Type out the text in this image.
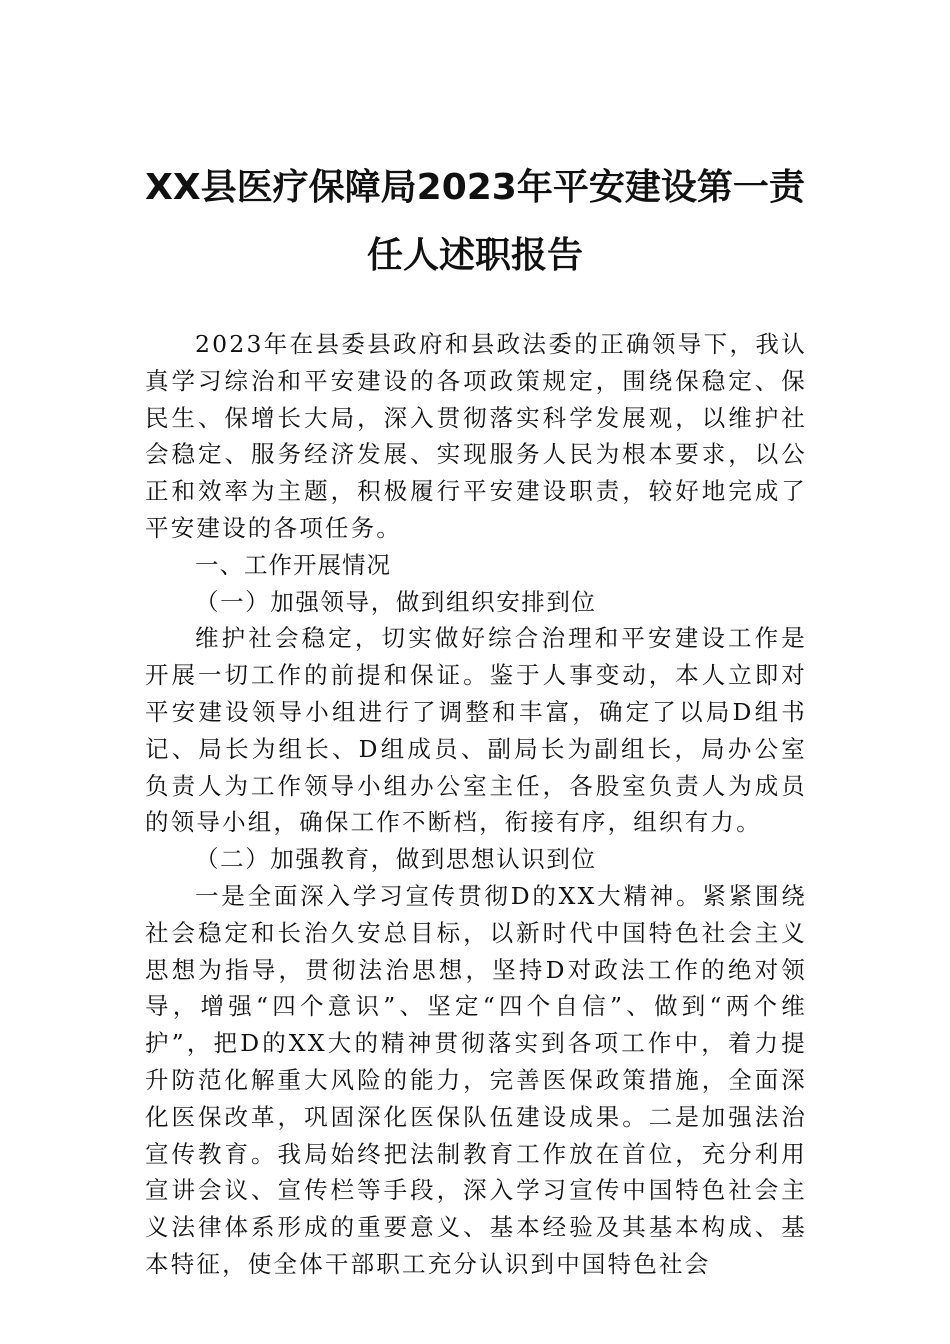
XX县医疗保障局2023年平安建设第一责
任人述职报告

2023年在县委县政府和县政法委的正确领导下，我认真学习综治和平安建设的各项政策规定，围绕保稳定、保民生、保增长大局，深入贯彻落实科学发展观，以维护社会稳定、服务经济发展、实现服务人民为根本要求，以公正和效率为主题，积极履行平安建设职责，较好地完成了平安建设的各项任务。

一、工作开展情况

（一）加强领导，做到组织安排到位

维护社会稳定，切实做好综合治理和平安建设工作是开展一切工作的前提和保证。鉴于人事变动，本人立即对平安建设领导小组进行了调整和丰富，确定了以局D组书记、局长为组长、D组成员、副局长为副组长，局办公室负责人为工作领导小组办公室主任，各股室负责人为成员的领导小组，确保工作不断档，衔接有序，组织有力。

（二）加强教育，做到思想认识到位

一是全面深入学习宣传贯彻D的XX大精神。紧紧围绕社会稳定和长治久安总目标，以新时代中国特色社会主义思想为指导，贯彻法治思想，坚持D对政法工作的绝对领导，增强“四个意识”、坚定“四个自信”、做到“两个维护”，把D的XX大的精神贯彻落实到各项工作中，着力提升防范化解重大风险的能力，完善医保政策措施，全面深化医保改革，巩固深化医保队伍建设成果。二是加强法治宣传教育。我局始终把法制教育工作放在首位，充分利用宣讲会议、宣传栏等手段，深入学习宣传中国特色社会主义法律体系形成的重要意义、基本经验及其基本构成、基本特征，使全体干部职工充分认识到中国特色社会
